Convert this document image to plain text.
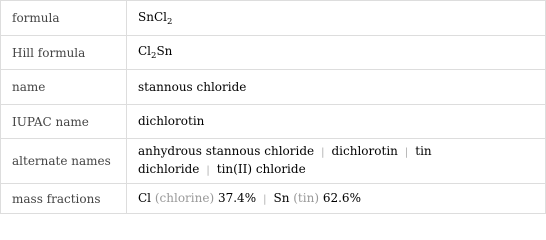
formula	SnCl$_2$
Hill formula	$Cl_2Sn$
name	stannous chloride
IUPAC name	dichlorotin
alternate names	anhydrous stannous chloride | dichlorotin | tin dichloride | tin(II) chloride
mass fractions	Cl (chlorine) 37.4% | Sn (tin) 62.6%
